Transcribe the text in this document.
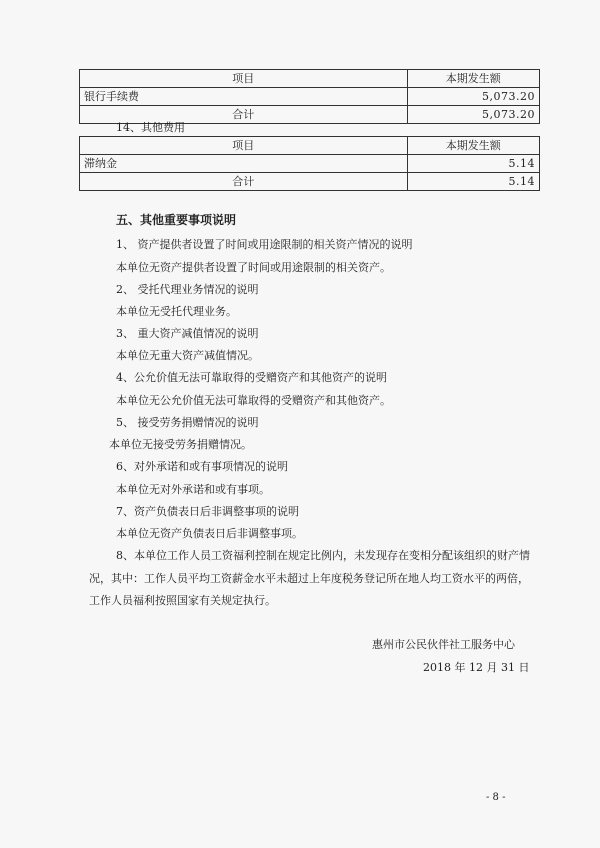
项目	本期发生额
银行手续费	5,073.20
合计	5,073.20
14、其他费用
项目	本期发生额
滞纳金	5.14
合计	5.14
五、其他重要事项说明
1、 资产提供者设置了时间或用途限制的相关资产情况的说明
本单位无资产提供者设置了时间或用途限制的相关资产。
2、 受托代理业务情况的说明
本单位无受托代理业务。
3、 重大资产减值情况的说明
本单位无重大资产减值情况。
4、公允价值无法可靠取得的受赠资产和其他资产的说明
本单位无公允价值无法可靠取得的受赠资产和其他资产。
5、 接受劳务捐赠情况的说明
本单位无接受劳务捐赠情况。
6、对外承诺和或有事项情况的说明
本单位无对外承诺和或有事项。
7、资产负债表日后非调整事项的说明
本单位无资产负债表日后非调整事项。
8、本单位工作人员工资福利控制在规定比例内，未发现存在变相分配该组织的财产情
况，其中：工作人员平均工资薪金水平未超过上年度税务登记所在地人均工资水平的两倍，
工作人员福利按照国家有关规定执行。
惠州市公民伙伴社工服务中心
2018 年 12 月 31 日
- 8 -
